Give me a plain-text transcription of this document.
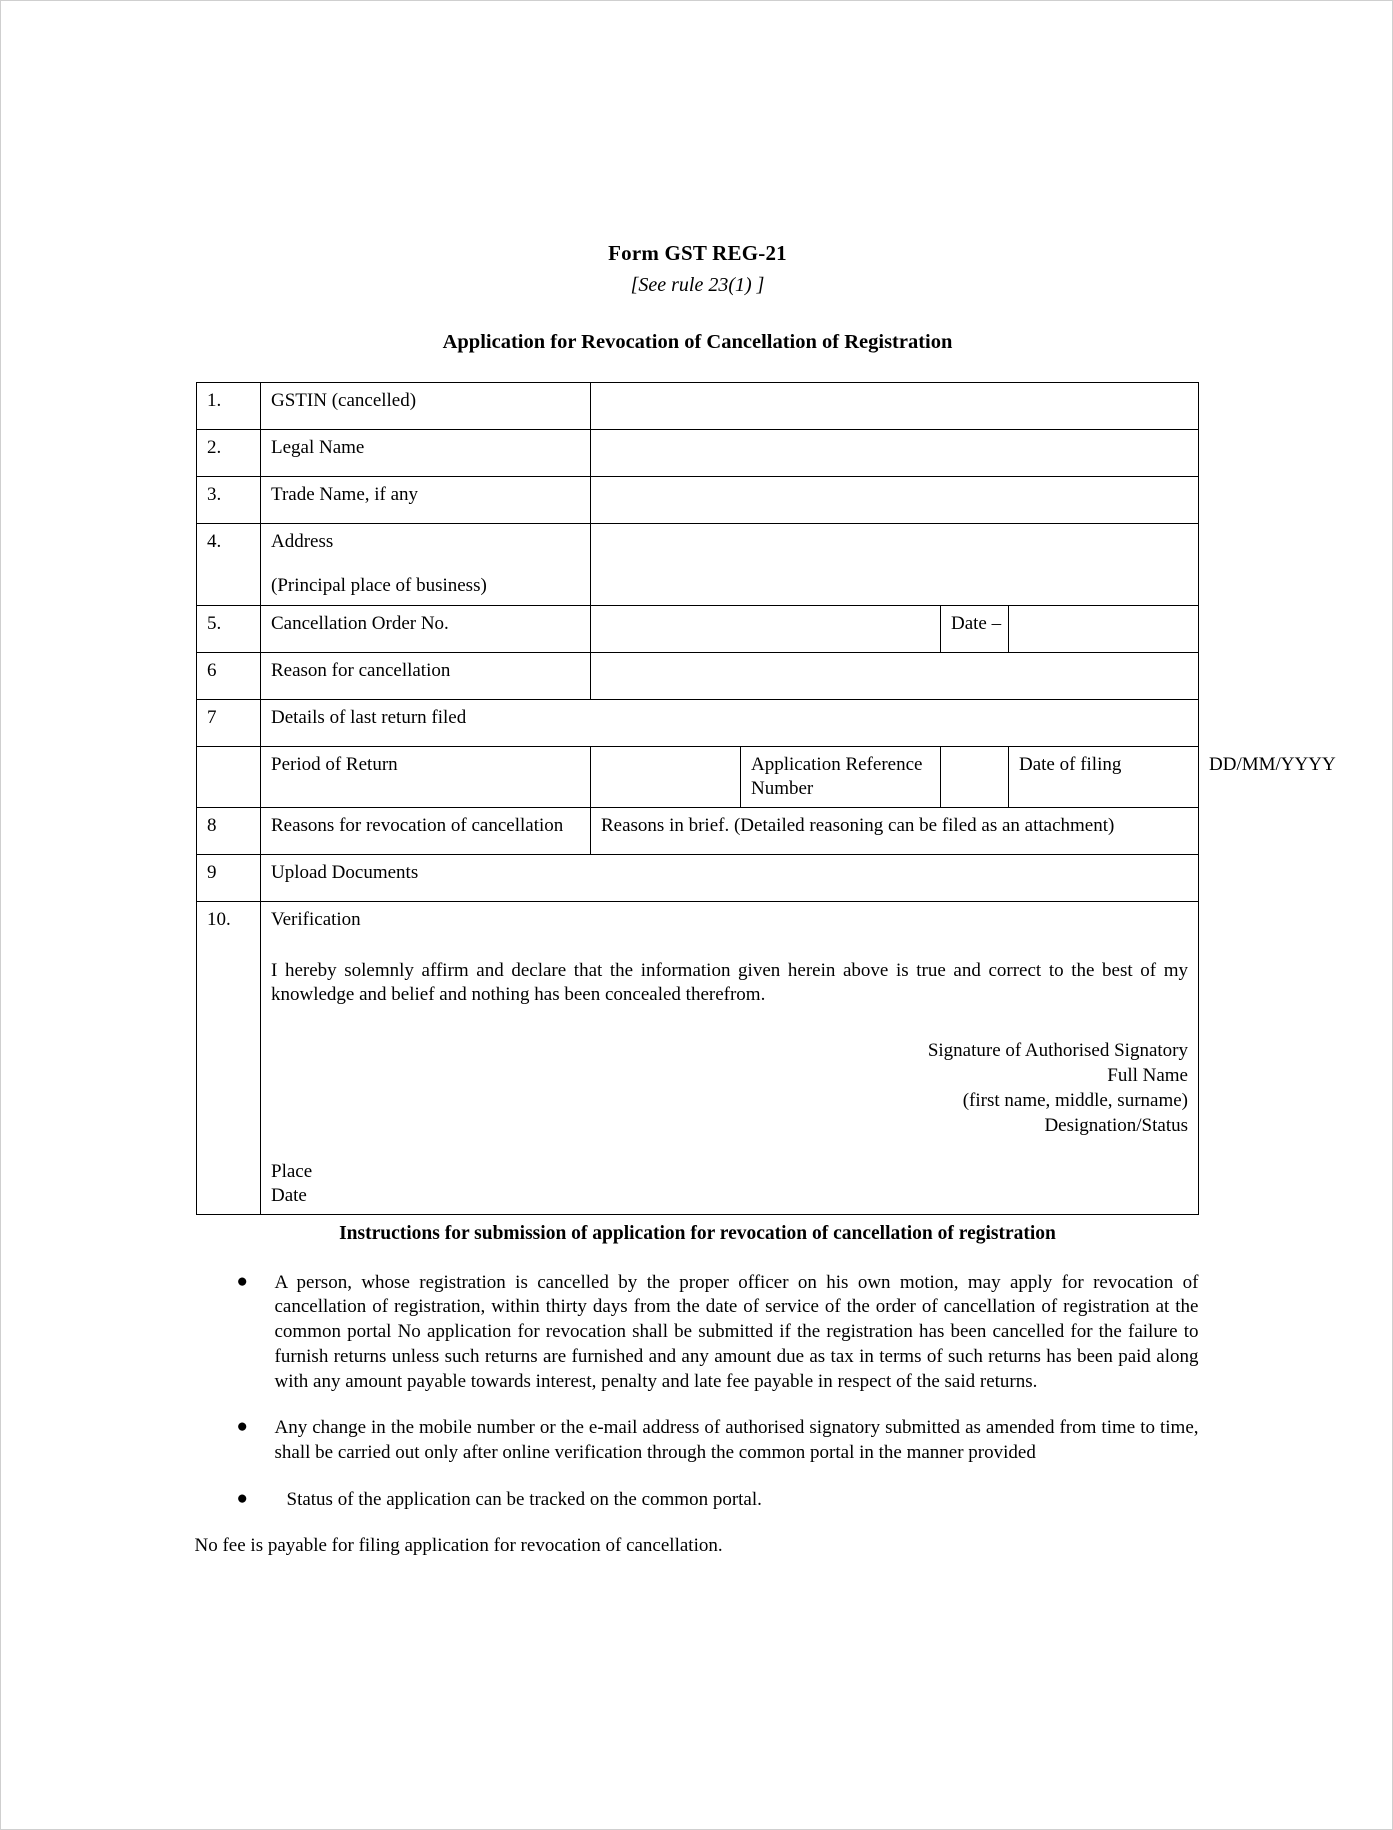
Form GST REG-21
[See rule 23(1) ]
Application for Revocation of Cancellation of Registration
1.	GSTIN (cancelled)					
2.	Legal Name					
3.	Trade Name, if any					
4.	Address
(Principal place of business)					

5.	Cancellation Order No.			Date –		
6	Reason for cancellation					
7	Details of last return filed					
	Period of Return		Application Reference Number		Date of filing	DD/MM/YYYY
8	Reasons for revocation of cancellation	Reasons in brief. (Detailed reasoning can be filed as an attachment)				
9	Upload Documents					
10.	Verification
I hereby solemnly affirm and declare that the information given herein above is true and correct to the best of my knowledge and belief and nothing has been concealed therefrom.
Signature of Authorised Signatory
Full Name
(first name, middle, surname)
Designation/Status
Place
Date
Instructions for submission of application for revocation of cancellation of registration
● A person, whose registration is cancelled by the proper officer on his own motion, may apply for revocation of cancellation of registration, within thirty days from the date of service of the order of cancellation of registration at the common portal No application for revocation shall be submitted if the registration has been cancelled for the failure to furnish returns unless such returns are furnished and any amount due as tax in terms of such returns has been paid along with any amount payable towards interest, penalty and late fee payable in respect of the said returns.
● Any change in the mobile number or the e-mail address of authorised signatory submitted as amended from time to time, shall be carried out only after online verification through the common portal in the manner provided
● Status of the application can be tracked on the common portal.
No fee is payable for filing application for revocation of cancellation.
